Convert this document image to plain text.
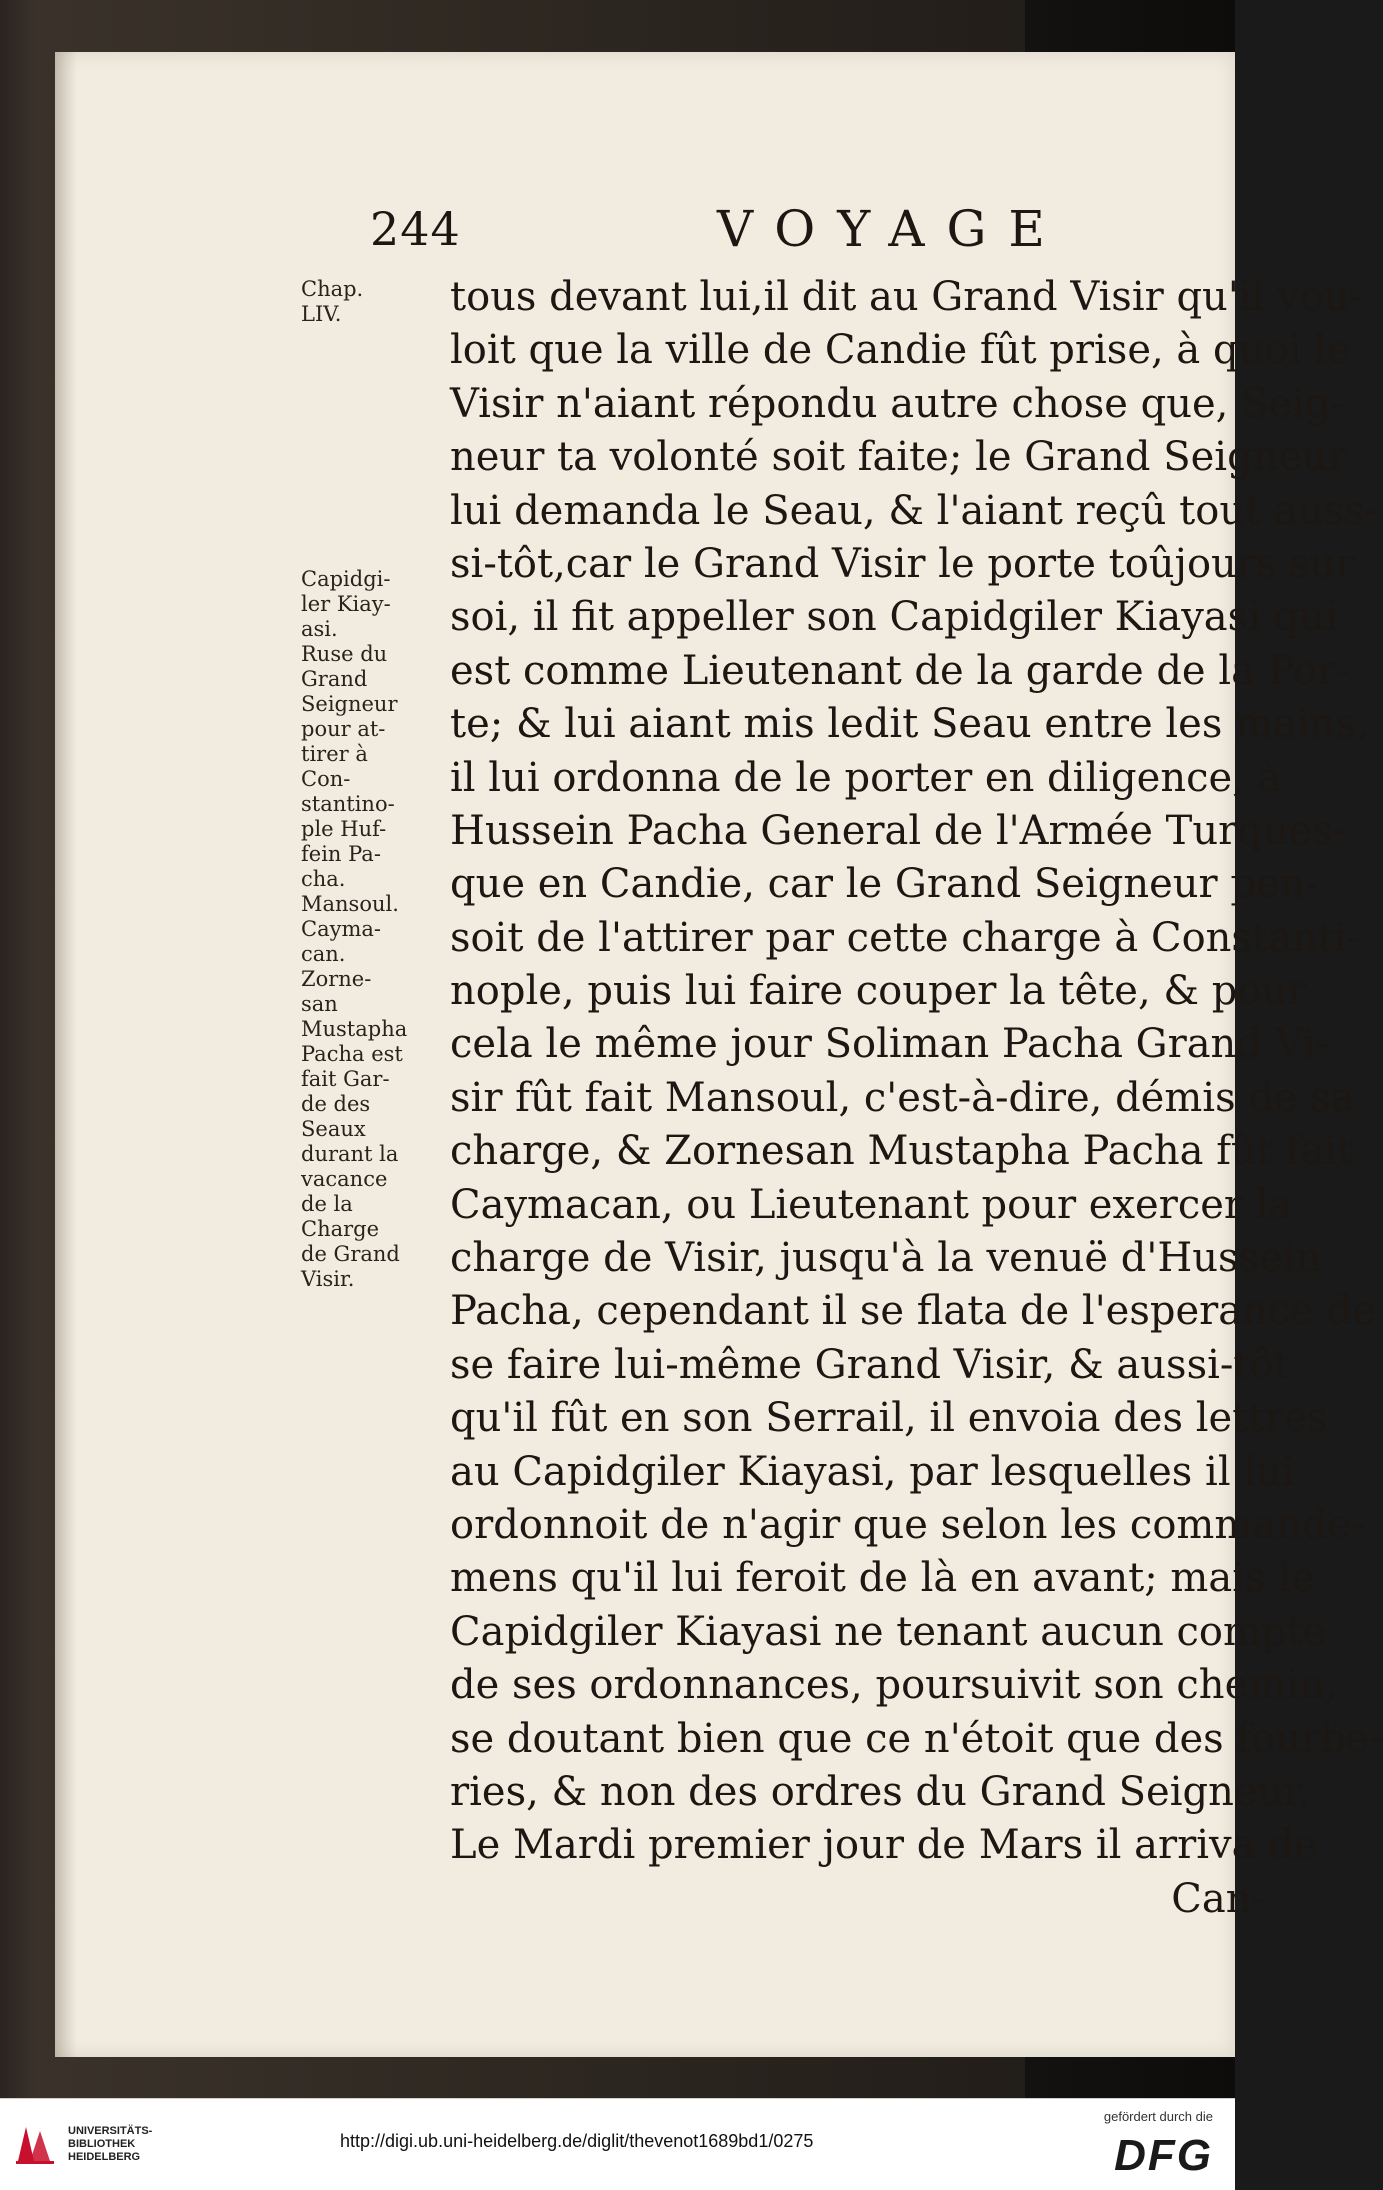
244	VOYAGE
Chap.
LIV.
Capidgi-
ler Kiay-
asi.
Ruse du
Grand
Seigneur
pour at-
tirer à
Con-
stantino-
ple Huf-
fein Pa-
cha.
Mansoul.
Cayma-
can.
Zorne-
san
Mustapha
Pacha est
fait Gar-
de des
Seaux
durant la
vacance
de la
Charge
de Grand
Visir.
tous devant lui,il dit au Grand Visir qu'il vou-
loit que la ville de Candie fût prise, à quoi le
Visir n'aiant répondu autre chose que, Seig-
neur ta volonté soit faite; le Grand Seigneur
lui demanda le Seau, & l'aiant reçû tout auss-
si-tôt,car le Grand Visir le porte toûjours sur
soi, il fit appeller son Capidgiler Kiayasi qui
est comme Lieutenant de la garde de la Por-
te; & lui aiant mis ledit Seau entre les mains,
il lui ordonna de le porter en diligence, à
Hussein Pacha General de l'Armée Turques-
que en Candie, car le Grand Seigneur pen-
soit de l'attirer par cette charge à Constanti-
nople, puis lui faire couper la tête, & pour
cela le même jour Soliman Pacha Grand Vi-
sir fût fait Mansoul, c'est-à-dire, démis de sa
charge, & Zornesan Mustapha Pacha fût fait
Caymacan, ou Lieutenant pour exercer la
charge de Visir, jusqu'à la venuë d'Hussein
Pacha, cependant il se flata de l'esperance de
se faire lui-même Grand Visir, & aussi-tôt
qu'il fût en son Serrail, il envoia des lettres
au Capidgiler Kiayasi, par lesquelles il lui
ordonnoit de n'agir que selon les commande-
mens qu'il lui feroit de là en avant; mais le
Capidgiler Kiayasi ne tenant aucun compte
de ses ordonnances, poursuivit son chemin,
se doutant bien que ce n'étoit que des fourbe-
ries, & non des ordres du Grand Seigneur.
Le Mardi premier jour de Mars il arriva de
Can-
UNIVERSITÄTS-
BIBLIOTHEK
HEIDELBERG
http://digi.ub.uni-heidelberg.de/diglit/thevenot1689bd1/0275
gefördert durch die
DFG
